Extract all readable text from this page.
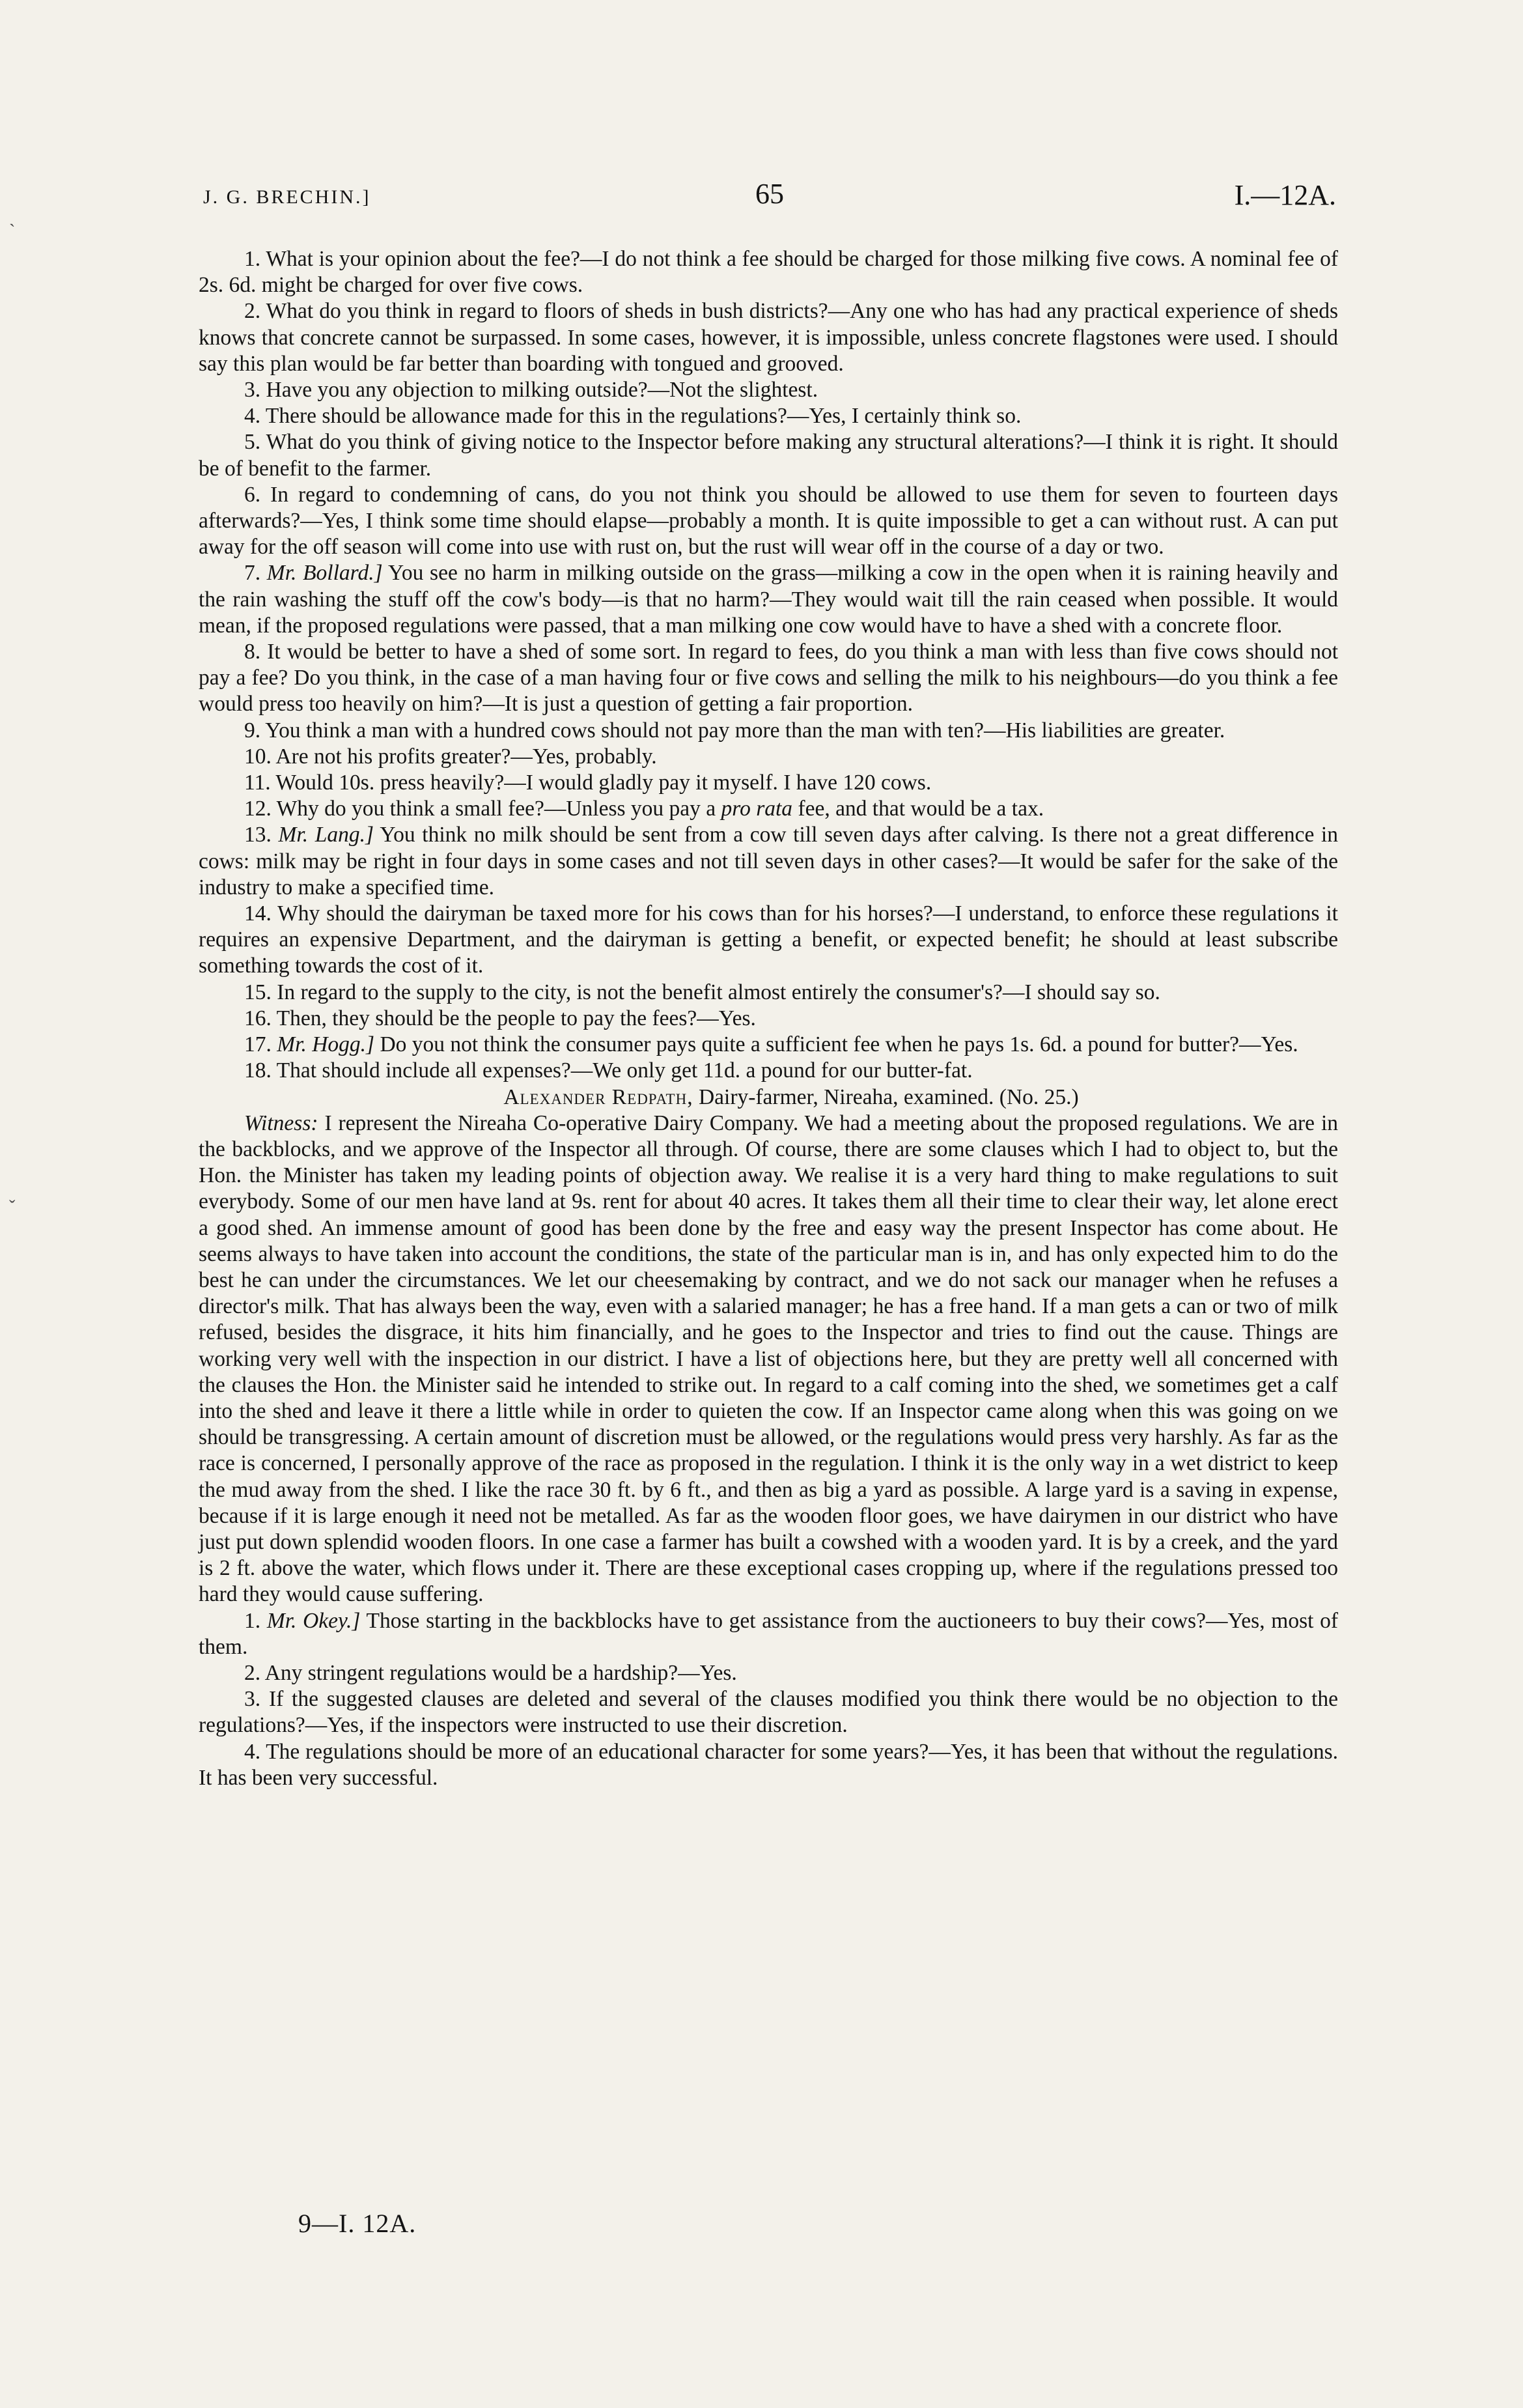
ˎ
ˇ
J. G. BRECHIN.]	65	I.—12A.

1. What is your opinion about the fee?—I do not think a fee should be charged for those milking five cows. A nominal fee of 2s. 6d. might be charged for over five cows.

2. What do you think in regard to floors of sheds in bush districts?—Any one who has had any practical experience of sheds knows that concrete cannot be surpassed. In some cases, however, it is impossible, unless concrete flagstones were used. I should say this plan would be far better than boarding with tongued and grooved.

3. Have you any objection to milking outside?—Not the slightest.

4. There should be allowance made for this in the regulations?—Yes, I certainly think so.

5. What do you think of giving notice to the Inspector before making any structural alterations?—I think it is right. It should be of benefit to the farmer.

6. In regard to condemning of cans, do you not think you should be allowed to use them for seven to fourteen days afterwards?—Yes, I think some time should elapse—probably a month. It is quite impossible to get a can without rust. A can put away for the off season will come into use with rust on, but the rust will wear off in the course of a day or two.

7. Mr. Bollard.] You see no harm in milking outside on the grass—milking a cow in the open when it is raining heavily and the rain washing the stuff off the cow's body—is that no harm?—They would wait till the rain ceased when possible. It would mean, if the proposed regulations were passed, that a man milking one cow would have to have a shed with a concrete floor.

8. It would be better to have a shed of some sort. In regard to fees, do you think a man with less than five cows should not pay a fee? Do you think, in the case of a man having four or five cows and selling the milk to his neighbours—do you think a fee would press too heavily on him?—It is just a question of getting a fair proportion.

9. You think a man with a hundred cows should not pay more than the man with ten?—His liabilities are greater.

10. Are not his profits greater?—Yes, probably.

11. Would 10s. press heavily?—I would gladly pay it myself. I have 120 cows.

12. Why do you think a small fee?—Unless you pay a pro rata fee, and that would be a tax.

13. Mr. Lang.] You think no milk should be sent from a cow till seven days after calving. Is there not a great difference in cows: milk may be right in four days in some cases and not till seven days in other cases?—It would be safer for the sake of the industry to make a specified time.

14. Why should the dairyman be taxed more for his cows than for his horses?—I understand, to enforce these regulations it requires an expensive Department, and the dairyman is getting a benefit, or expected benefit; he should at least subscribe something towards the cost of it.

15. In regard to the supply to the city, is not the benefit almost entirely the consumer's?—I should say so.

16. Then, they should be the people to pay the fees?—Yes.

17. Mr. Hogg.] Do you not think the consumer pays quite a sufficient fee when he pays 1s. 6d. a pound for butter?—Yes.

18. That should include all expenses?—We only get 11d. a pound for our butter-fat.

Alexander Redpath, Dairy-farmer, Nireaha, examined. (No. 25.)

Witness: I represent the Nireaha Co-operative Dairy Company. We had a meeting about the proposed regulations. We are in the backblocks, and we approve of the Inspector all through. Of course, there are some clauses which I had to object to, but the Hon. the Minister has taken my leading points of objection away. We realise it is a very hard thing to make regulations to suit everybody. Some of our men have land at 9s. rent for about 40 acres. It takes them all their time to clear their way, let alone erect a good shed. An immense amount of good has been done by the free and easy way the present Inspector has come about. He seems always to have taken into account the conditions, the state of the particular man is in, and has only expected him to do the best he can under the circumstances. We let our cheesemaking by contract, and we do not sack our manager when he refuses a director's milk. That has always been the way, even with a salaried manager; he has a free hand. If a man gets a can or two of milk refused, besides the disgrace, it hits him financially, and he goes to the Inspector and tries to find out the cause. Things are working very well with the inspection in our district. I have a list of objections here, but they are pretty well all concerned with the clauses the Hon. the Minister said he intended to strike out. In regard to a calf coming into the shed, we sometimes get a calf into the shed and leave it there a little while in order to quieten the cow. If an Inspector came along when this was going on we should be transgressing. A certain amount of discretion must be allowed, or the regulations would press very harshly. As far as the race is concerned, I personally approve of the race as proposed in the regulation. I think it is the only way in a wet district to keep the mud away from the shed. I like the race 30 ft. by 6 ft., and then as big a yard as possible. A large yard is a saving in expense, because if it is large enough it need not be metalled. As far as the wooden floor goes, we have dairymen in our district who have just put down splendid wooden floors. In one case a farmer has built a cowshed with a wooden yard. It is by a creek, and the yard is 2 ft. above the water, which flows under it. There are these exceptional cases cropping up, where if the regulations pressed too hard they would cause suffering.

1. Mr. Okey.] Those starting in the backblocks have to get assistance from the auctioneers to buy their cows?—Yes, most of them.

2. Any stringent regulations would be a hardship?—Yes.

3. If the suggested clauses are deleted and several of the clauses modified you think there would be no objection to the regulations?—Yes, if the inspectors were instructed to use their discretion.

4. The regulations should be more of an educational character for some years?—Yes, it has been that without the regulations. It has been very successful.

9—I. 12A.
